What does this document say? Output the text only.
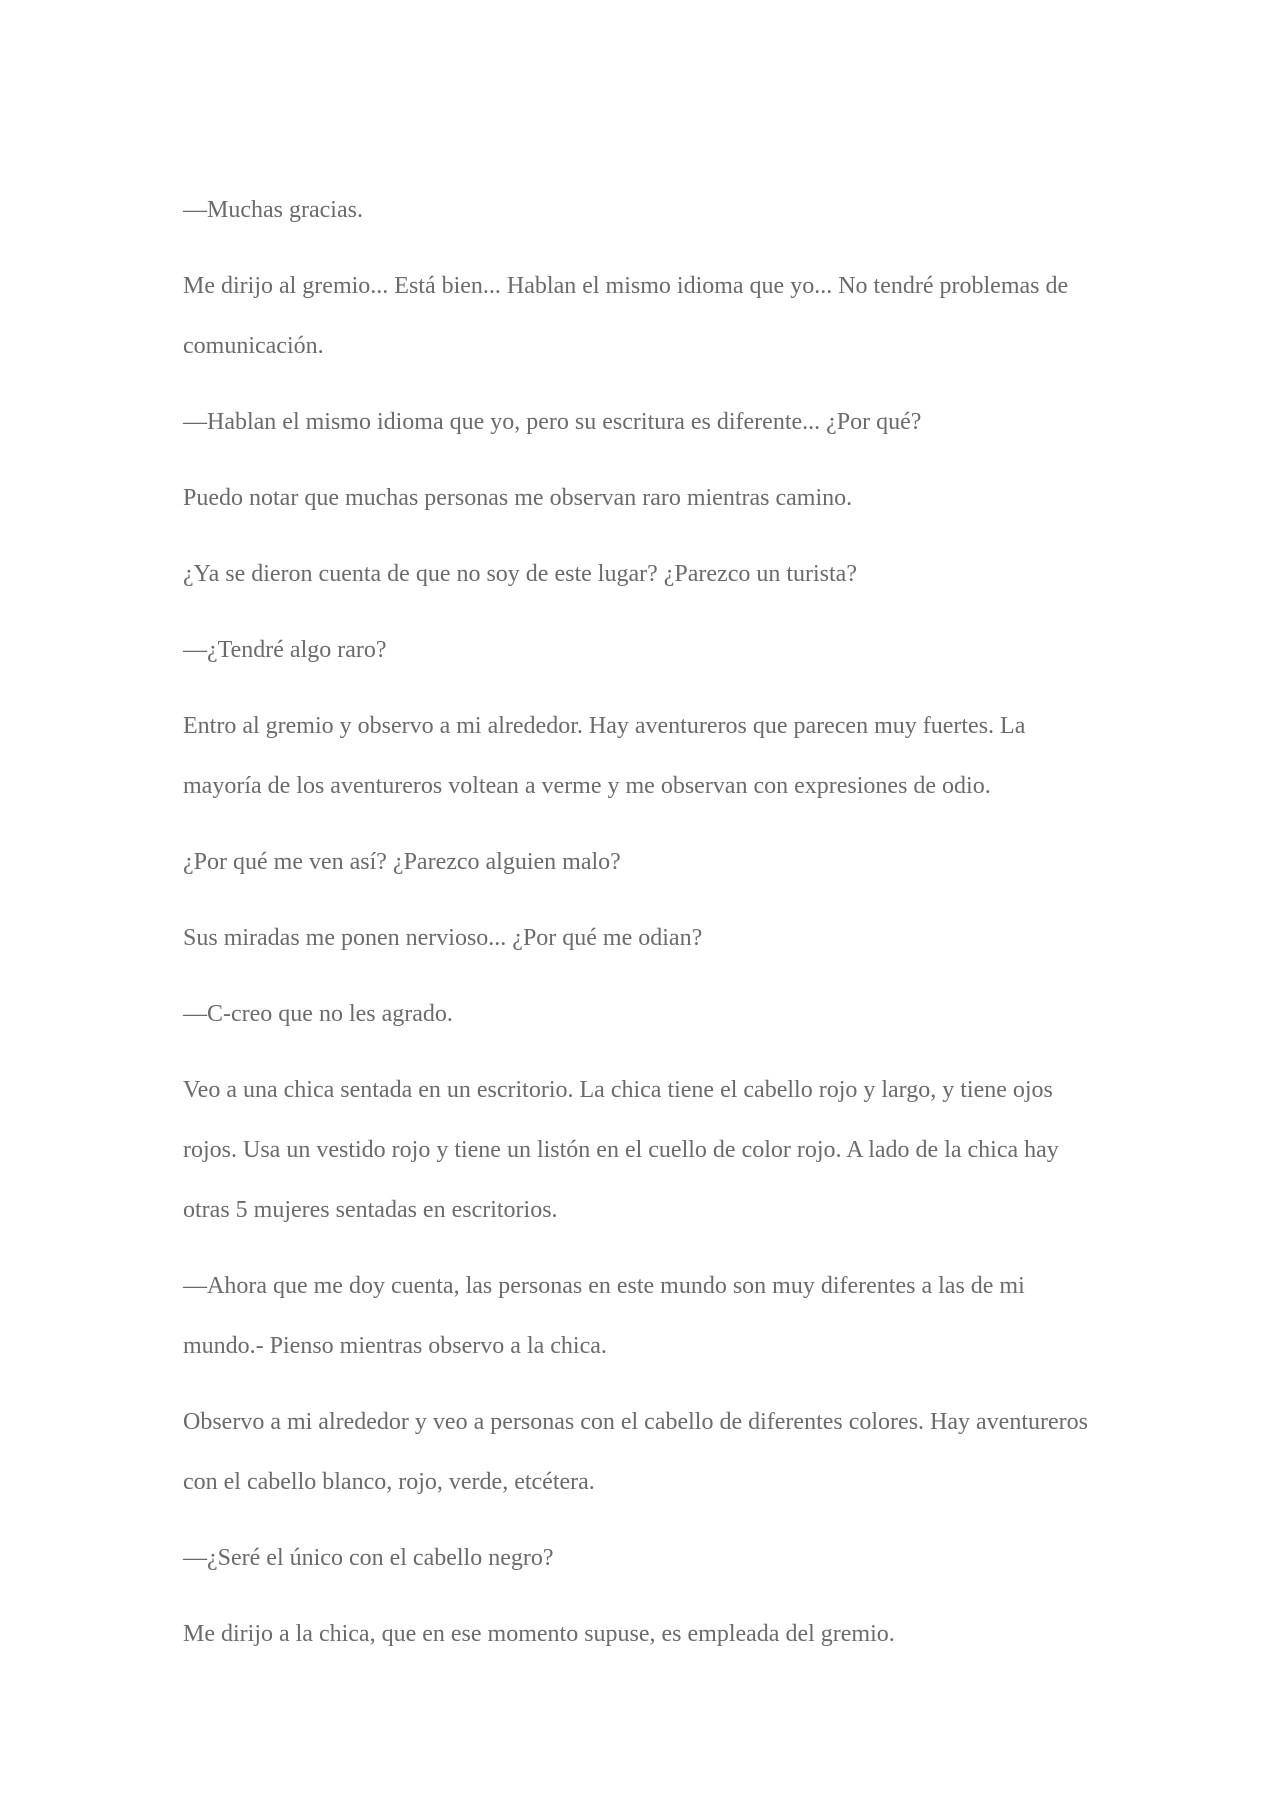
—Muchas gracias.

Me dirijo al gremio... Está bien... Hablan el mismo idioma que yo... No tendré problemas de comunicación.

—Hablan el mismo idioma que yo, pero su escritura es diferente... ¿Por qué?

Puedo notar que muchas personas me observan raro mientras camino.

¿Ya se dieron cuenta de que no soy de este lugar? ¿Parezco un turista?

—¿Tendré algo raro?

Entro al gremio y observo a mi alrededor. Hay aventureros que parecen muy fuertes. La mayoría de los aventureros voltean a verme y me observan con expresiones de odio.

¿Por qué me ven así? ¿Parezco alguien malo?

Sus miradas me ponen nervioso... ¿Por qué me odian?

—C-creo que no les agrado.

Veo a una chica sentada en un escritorio. La chica tiene el cabello rojo y largo, y tiene ojos rojos. Usa un vestido rojo y tiene un listón en el cuello de color rojo. A lado de la chica hay otras 5 mujeres sentadas en escritorios.

—Ahora que me doy cuenta, las personas en este mundo son muy diferentes a las de mi mundo.- Pienso mientras observo a la chica.

Observo a mi alrededor y veo a personas con el cabello de diferentes colores. Hay aventureros con el cabello blanco, rojo, verde, etcétera.

—¿Seré el único con el cabello negro?

Me dirijo a la chica, que en ese momento supuse, es empleada del gremio.
